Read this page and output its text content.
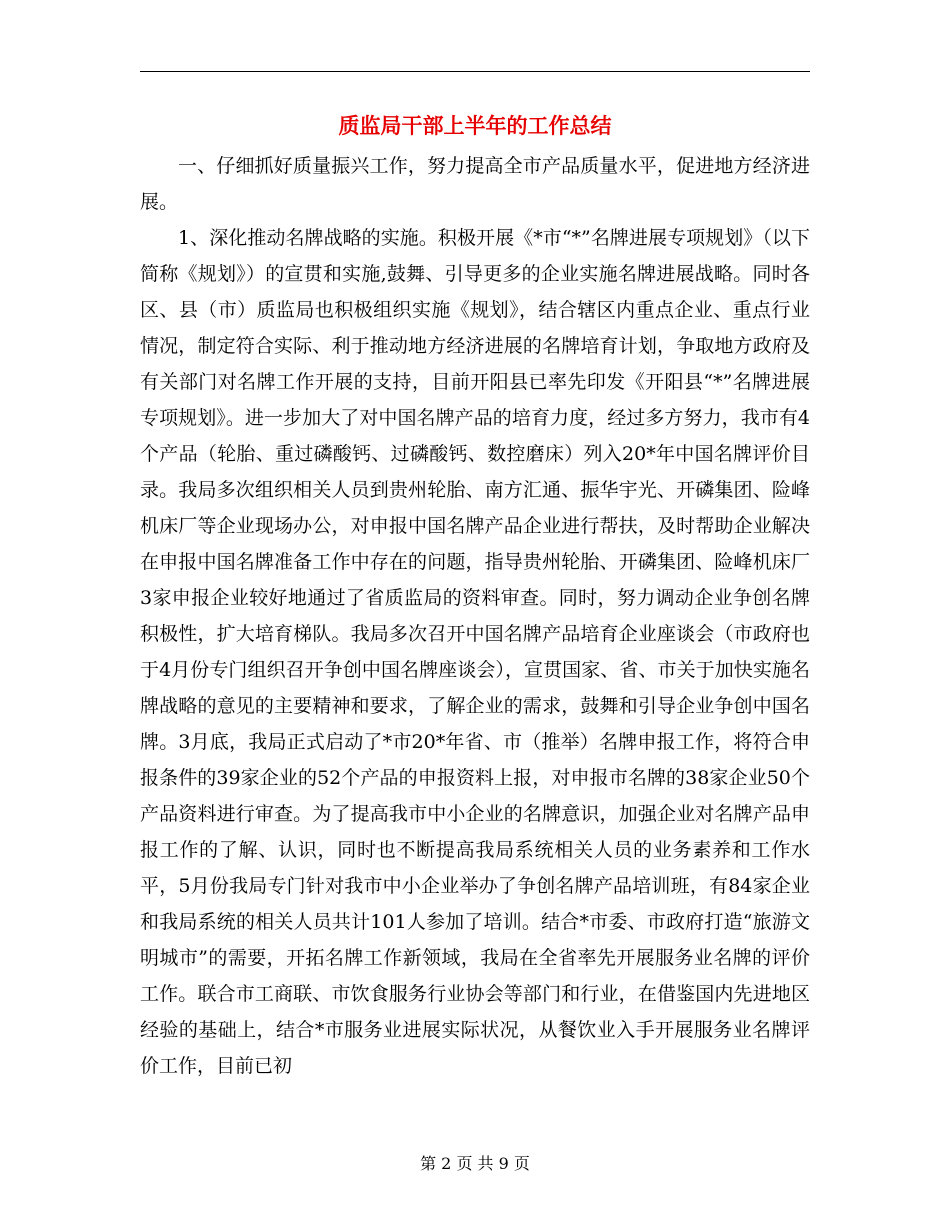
质监局干部上半年的工作总结

一、仔细抓好质量振兴工作，努力提高全市产品质量水平，促进地方经济进展。

1、深化推动名牌战略的实施。积极开展《*市“*”名牌进展专项规划》（以下简称《规划》）的宣贯和实施,鼓舞、引导更多的企业实施名牌进展战略。同时各区、县（市）质监局也积极组织实施《规划》，结合辖区内重点企业、重点行业情况，制定符合实际、利于推动地方经济进展的名牌培育计划，争取地方政府及有关部门对名牌工作开展的支持，目前开阳县已率先印发《开阳县“*”名牌进展专项规划》。进一步加大了对中国名牌产品的培育力度，经过多方努力，我市有4个产品（轮胎、重过磷酸钙、过磷酸钙、数控磨床）列入20*年中国名牌评价目录。我局多次组织相关人员到贵州轮胎、南方汇通、振华宇光、开磷集团、险峰机床厂等企业现场办公，对申报中国名牌产品企业进行帮扶，及时帮助企业解决在申报中国名牌准备工作中存在的问题，指导贵州轮胎、开磷集团、险峰机床厂3家申报企业较好地通过了省质监局的资料审查。同时，努力调动企业争创名牌积极性，扩大培育梯队。我局多次召开中国名牌产品培育企业座谈会（市政府也于4月份专门组织召开争创中国名牌座谈会），宣贯国家、省、市关于加快实施名牌战略的意见的主要精神和要求，了解企业的需求，鼓舞和引导企业争创中国名牌。3月底，我局正式启动了*市20*年省、市（推举）名牌申报工作，将符合申报条件的39家企业的52个产品的申报资料上报，对申报市名牌的38家企业50个产品资料进行审查。为了提高我市中小企业的名牌意识，加强企业对名牌产品申报工作的了解、认识，同时也不断提高我局系统相关人员的业务素养和工作水平，5月份我局专门针对我市中小企业举办了争创名牌产品培训班，有84家企业和我局系统的相关人员共计101人参加了培训。结合*市委、市政府打造“旅游文明城市”的需要，开拓名牌工作新领域，我局在全省率先开展服务业名牌的评价工作。联合市工商联、市饮食服务行业协会等部门和行业，在借鉴国内先进地区经验的基础上，结合*市服务业进展实际状况，从餐饮业入手开展服务业名牌评价工作，目前已初

第 2 页 共 9 页
